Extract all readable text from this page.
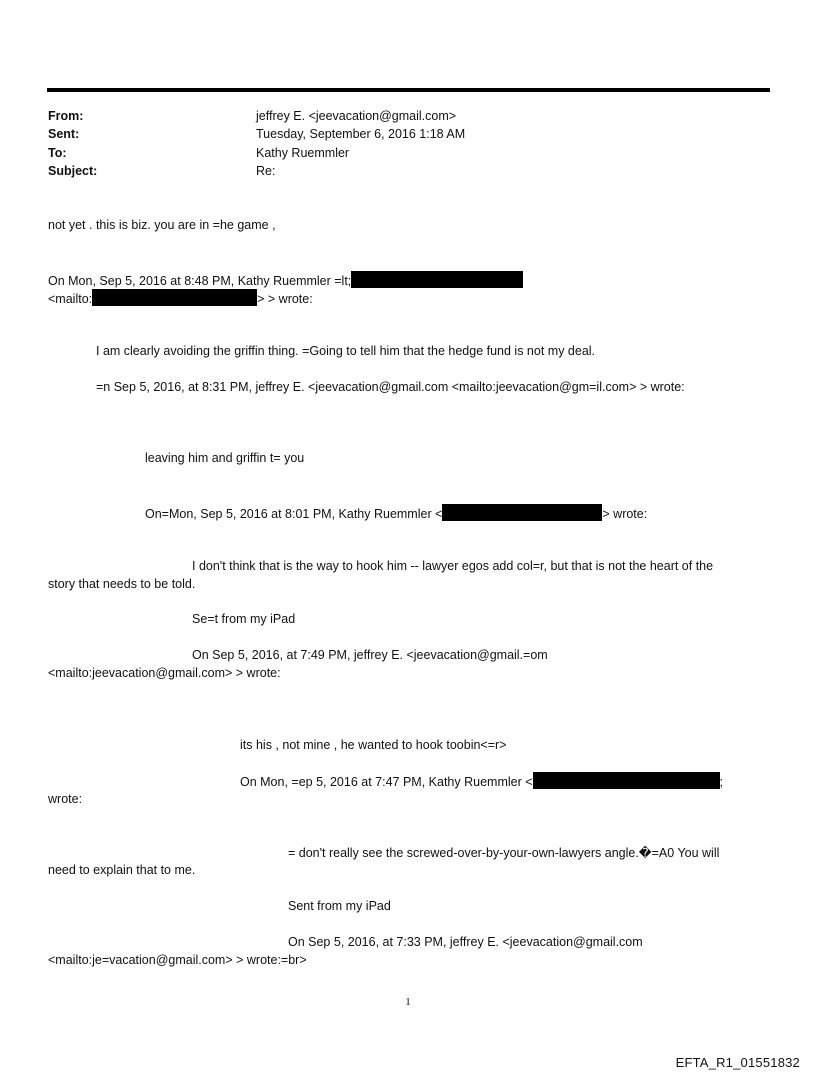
From:	jeffrey E. <jeevacation@gmail.com>
Sent:	Tuesday, September 6, 2016 1:18 AM
To:	Kathy Ruemmler
Subject:	Re:
not yet . this is biz. you are in =he game ,
On Mon, Sep 5, 2016 at 8:48 PM, Kathy Ruemmler =lt;
<mailto:	> > wrote:
I am clearly avoiding the griffin thing. =Going to tell him that the hedge fund is not my deal.
=n Sep 5, 2016, at 8:31 PM, jeffrey E. <jeevacation@gmail.com <mailto:jeevacation@gm=il.com> > wrote:
leaving him and griffin t= you
On=Mon, Sep 5, 2016 at 8:01 PM, Kathy Ruemmler <	> wrote:
I don't think that is the way to hook him -- lawyer egos add col=r, but that is not the heart of the
story that needs to be told.
Se=t from my iPad
On Sep 5, 2016, at 7:49 PM, jeffrey E. <jeevacation@gmail.=om
<mailto:jeevacation@gmail.com> > wrote:
its his , not mine , he wanted to hook toobin<=r>
On Mon, =ep 5, 2016 at 7:47 PM, Kathy Ruemmler <	;
wrote:
= don't really see the screwed-over-by-your-own-lawyers angle.�=A0 You will
need to explain that to me.
Sent from my iPad
On Sep 5, 2016, at 7:33 PM, jeffrey E. <jeevacation@gmail.com
<mailto:je=vacation@gmail.com> > wrote:=br>
1
EFTA_R1_01551832
